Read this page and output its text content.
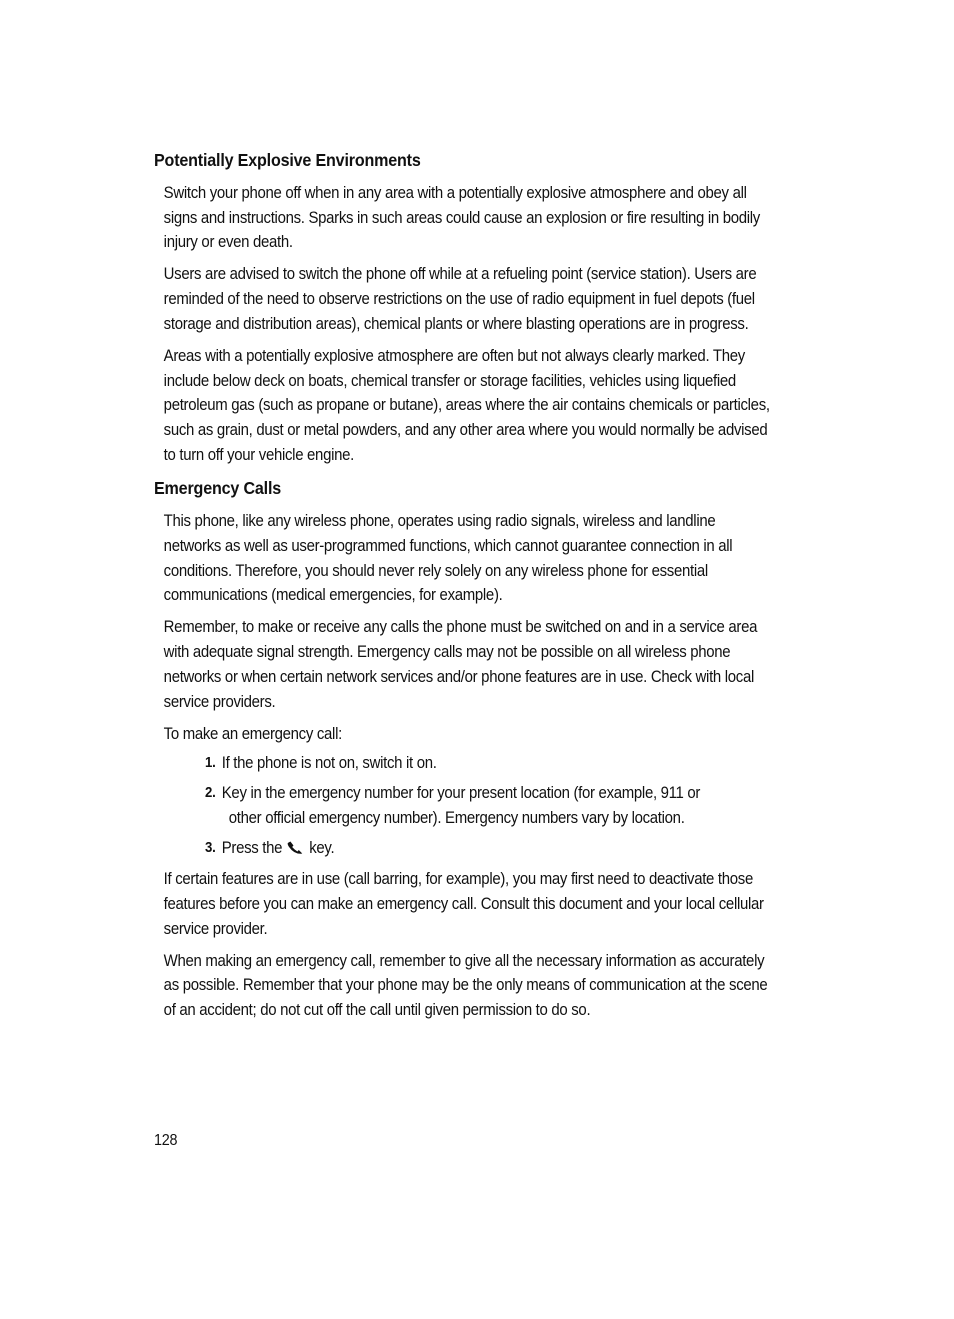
Potentially Explosive Environments

Switch your phone off when in any area with a potentially explosive atmosphere and obey all signs and instructions. Sparks in such areas could cause an explosion or fire resulting in bodily injury or even death.

Users are advised to switch the phone off while at a refueling point (service station). Users are reminded of the need to observe restrictions on the use of radio equipment in fuel depots (fuel storage and distribution areas), chemical plants or where blasting operations are in progress.

Areas with a potentially explosive atmosphere are often but not always clearly marked. They include below deck on boats, chemical transfer or storage facilities, vehicles using liquefied petroleum gas (such as propane or butane), areas where the air contains chemicals or particles, such as grain, dust or metal powders, and any other area where you would normally be advised to turn off your vehicle engine.

Emergency Calls

This phone, like any wireless phone, operates using radio signals, wireless and landline networks as well as user-programmed functions, which cannot guarantee connection in all conditions. Therefore, you should never rely solely on any wireless phone for essential communications (medical emergencies, for example).

Remember, to make or receive any calls the phone must be switched on and in a service area with adequate signal strength. Emergency calls may not be possible on all wireless phone networks or when certain network services and/or phone features are in use. Check with local service providers.

To make an emergency call:

1. If the phone is not on, switch it on.
2. Key in the emergency number for your present location (for example, 911 or
other official emergency number). Emergency numbers vary by location.
3. Press the key.

If certain features are in use (call barring, for example), you may first need to deactivate those features before you can make an emergency call. Consult this document and your local cellular service provider.

When making an emergency call, remember to give all the necessary information as accurately as possible. Remember that your phone may be the only means of communication at the scene of an accident; do not cut off the call until given permission to do so.

128
